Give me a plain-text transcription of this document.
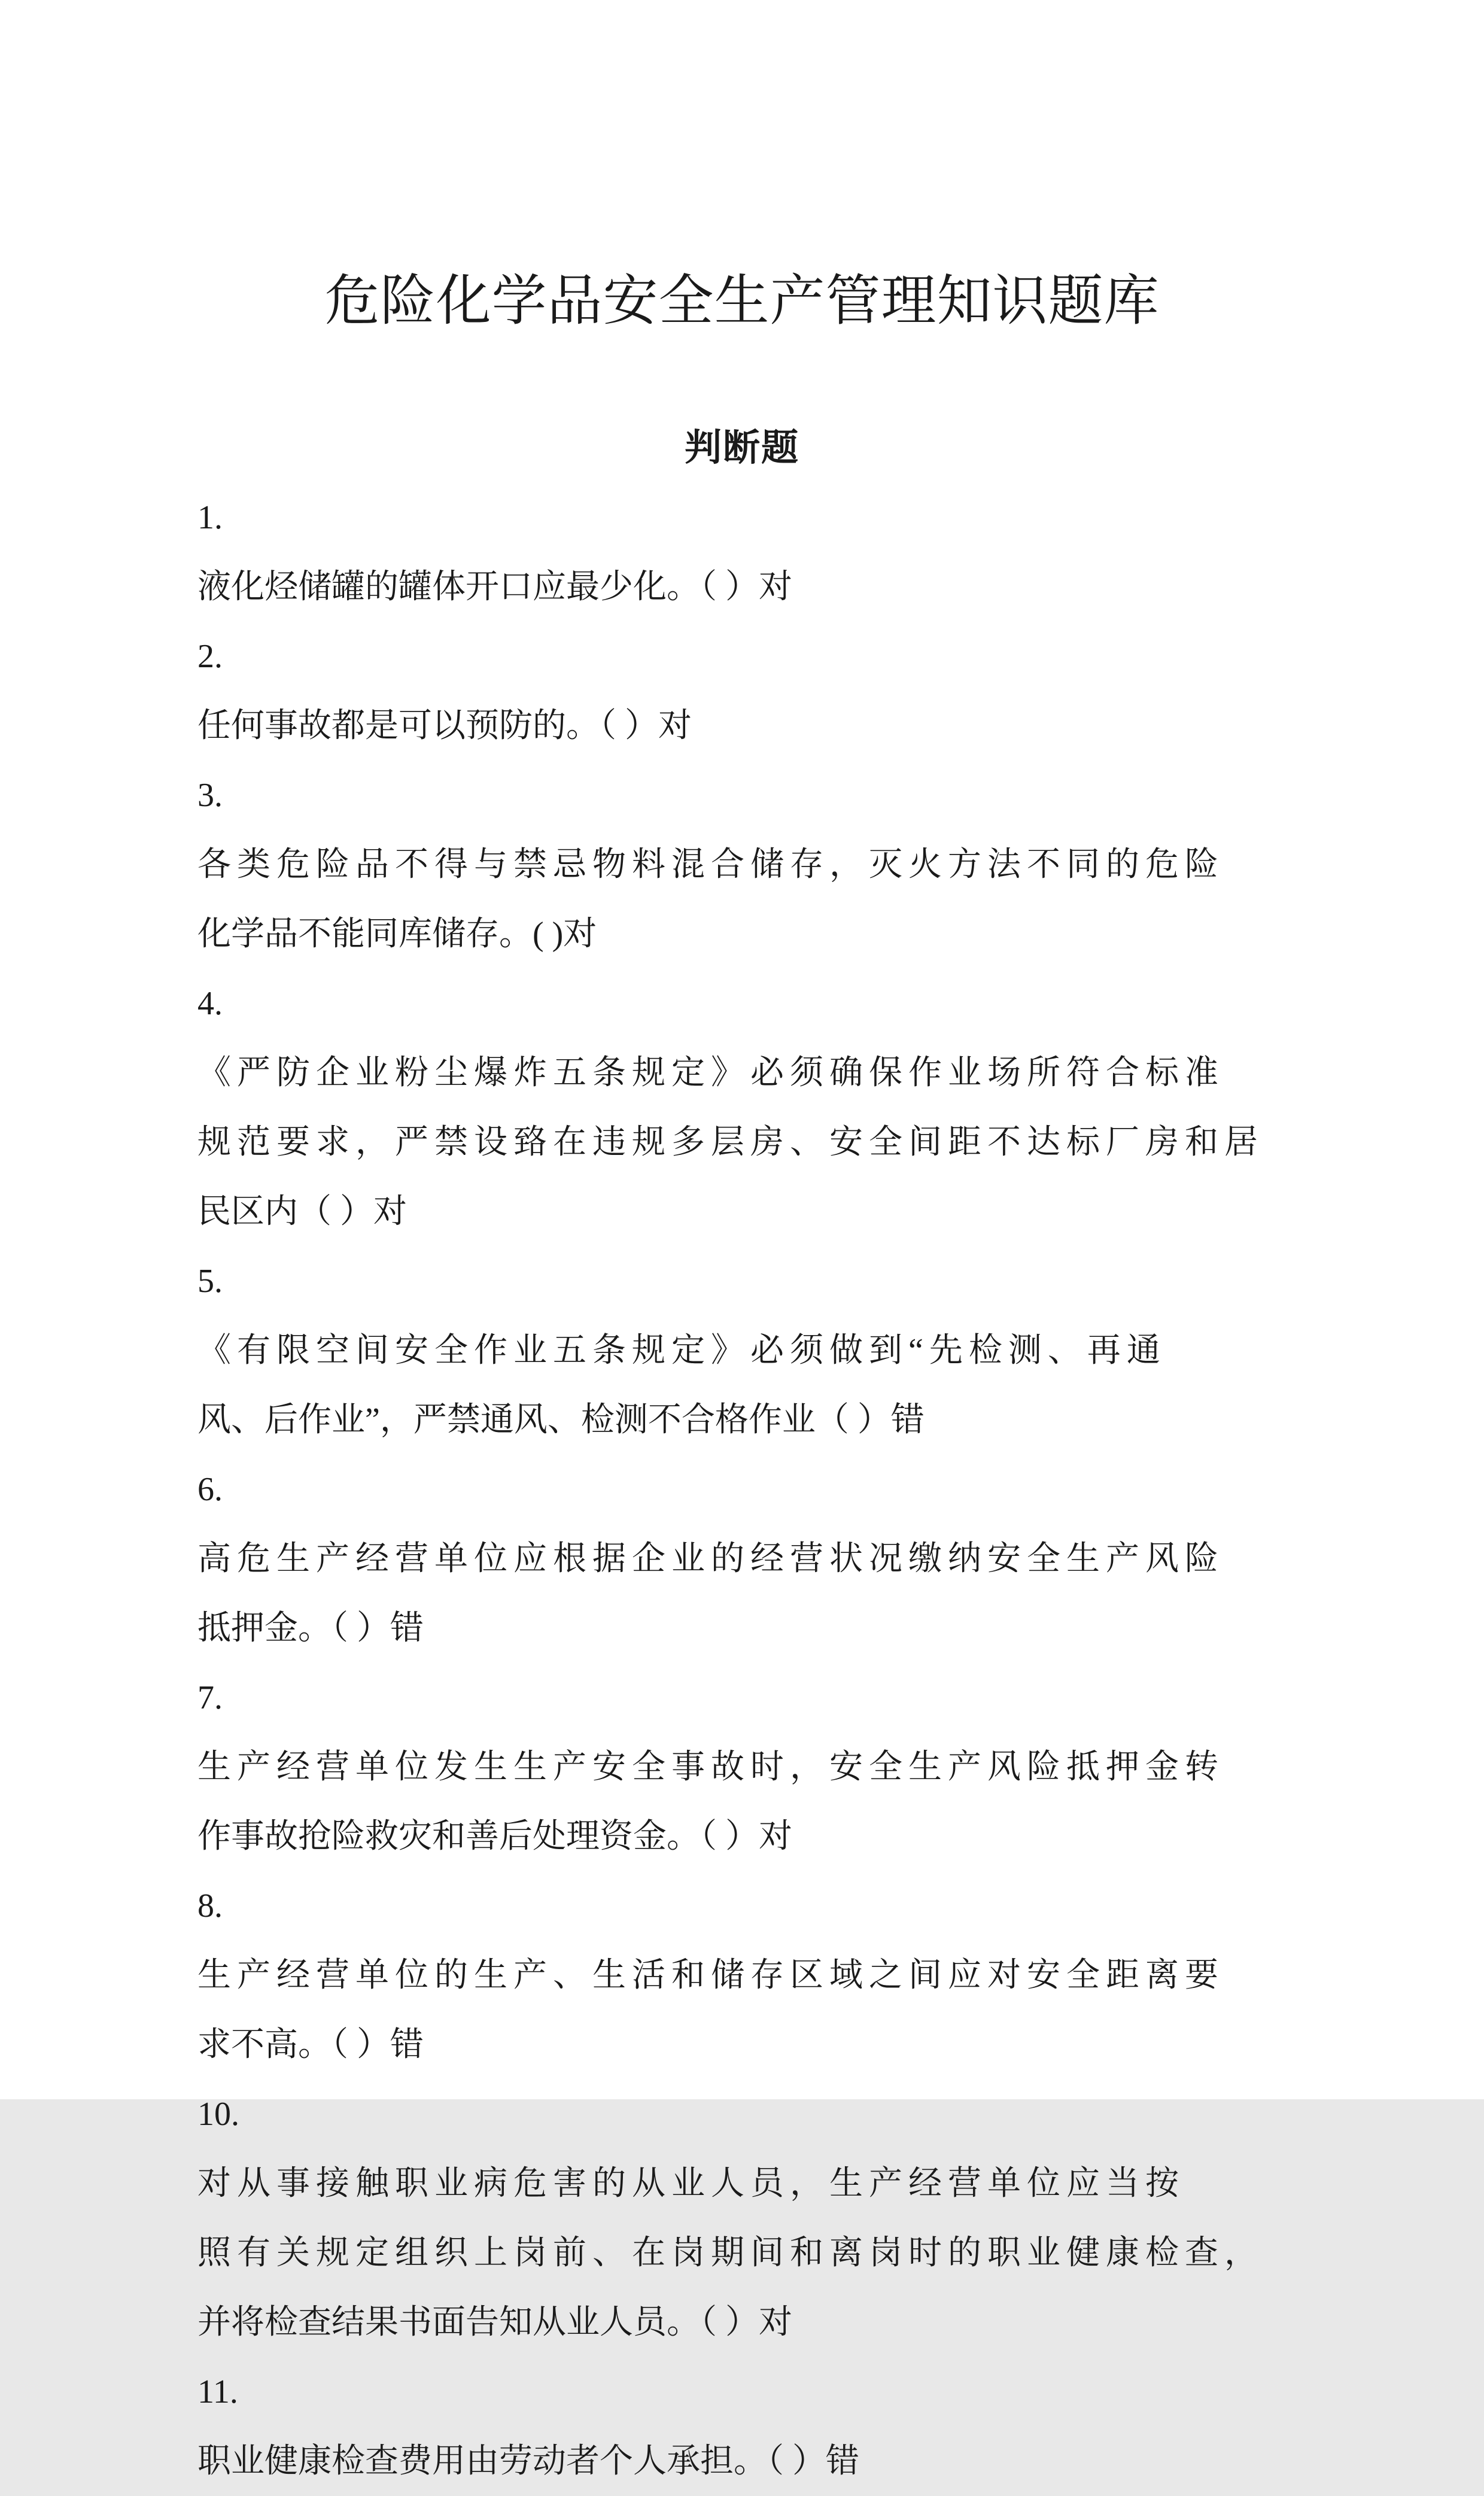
危险化学品安全生产管理知识题库
判断题

1.
液化烃储罐的罐体开口应最少化。（ ）对

2.
任何事故都是可以预防的。（ ）对

3.
各类危险品不得与禁忌物料混合储存，灭火方法不同的危险
化学品不能同库储存。( )对

4.
《严防企业粉尘爆炸五条规定》必须确保作业场所符合标准
规范要求，严禁设臵在违规多层房、安全间距不达标厂房和居
民区内（ ）对

5.
《有限空间安全作业五条规定》必须做到“先检测、再通
风、后作业”，严禁通风、检测不合格作业（ ）错

6.
高危生产经营单位应根据企业的经营状况缴纳安全生产风险
抵押金。（ ）错

7.
生产经营单位发生生产安全事故时，安全生产风险抵押金转
作事故抢险救灾和善后处理资金。（ ）对

8.
生产经营单位的生产、生活和储存区域之间应对安全距离要
求不高。（ ）错

10.
对从事接触职业病危害的从业人员，生产经营单位应当按
照有关规定组织上岗前、在岗期间和离岗时的职业健康检查，
并将检查结果书面告知从业人员。（ ）对

11.
职业健康检查费用由劳动者个人承担。（ ）错
